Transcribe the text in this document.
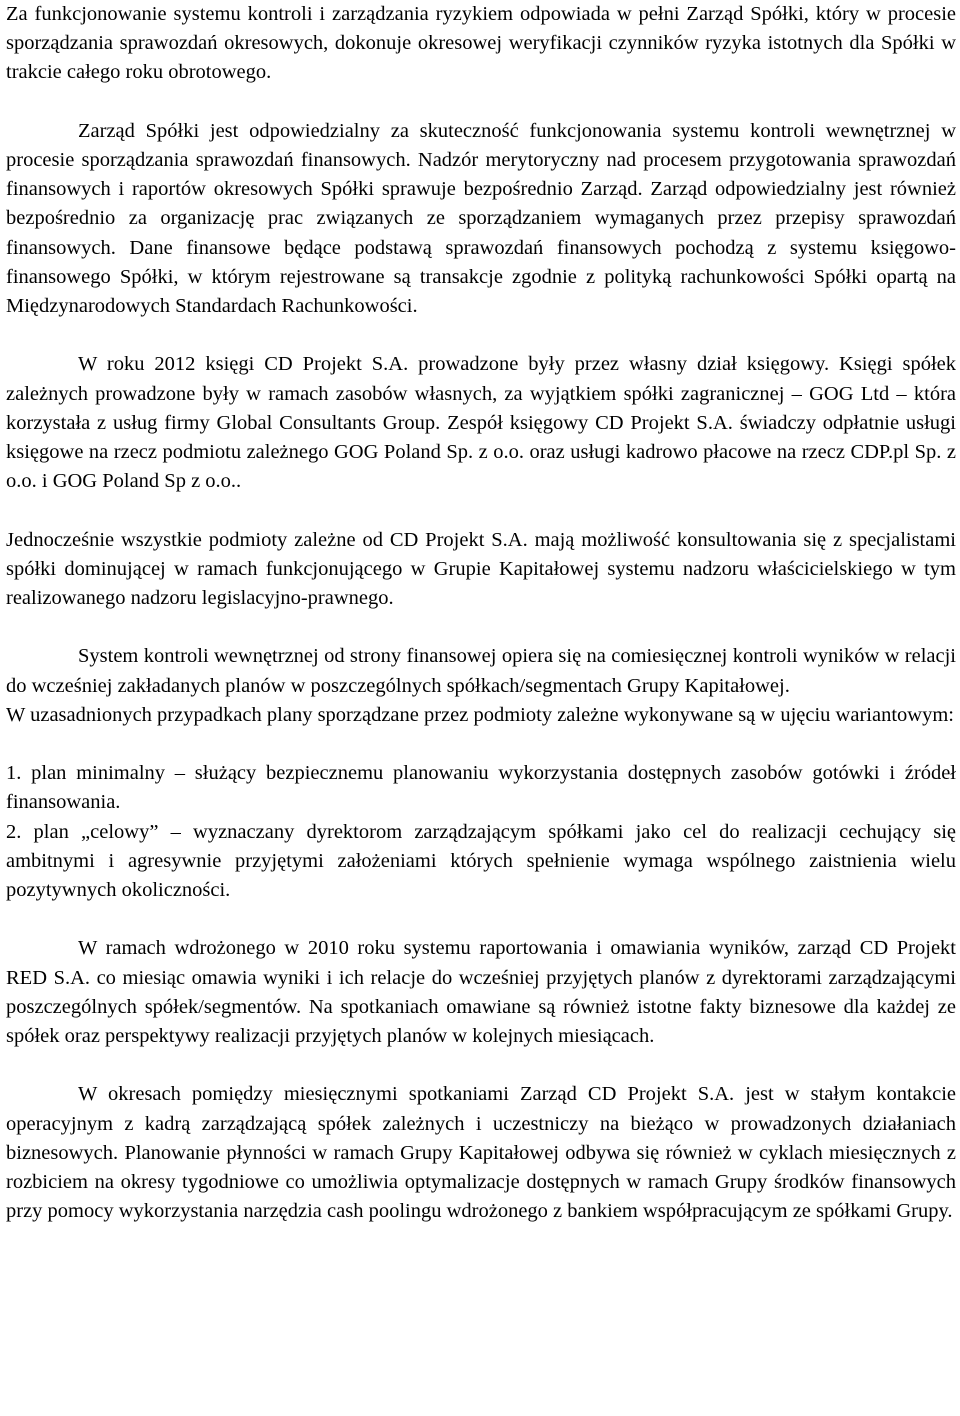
Za funkcjonowanie systemu kontroli i zarządzania ryzykiem odpowiada w pełni Zarząd Spółki, który w procesie sporządzania sprawozdań okresowych, dokonuje okresowej weryfikacji czynników ryzyka istotnych dla Spółki w trakcie całego roku obrotowego.

Zarząd Spółki jest odpowiedzialny za skuteczność funkcjonowania systemu kontroli wewnętrznej w procesie sporządzania sprawozdań finansowych. Nadzór merytoryczny nad procesem przygotowania sprawozdań finansowych i raportów okresowych Spółki sprawuje bezpośrednio Zarząd. Zarząd odpowiedzialny jest również bezpośrednio za organizację prac związanych ze sporządzaniem wymaganych przez przepisy sprawozdań finansowych. Dane finansowe będące podstawą sprawozdań finansowych pochodzą z systemu księgowo-finansowego Spółki, w którym rejestrowane są transakcje zgodnie z polityką rachunkowości Spółki opartą na Międzynarodowych Standardach Rachunkowości.

W roku 2012 księgi CD Projekt S.A. prowadzone były przez własny dział księgowy. Księgi spółek zależnych prowadzone były w ramach zasobów własnych, za wyjątkiem spółki zagranicznej – GOG Ltd – która korzystała z usług firmy Global Consultants Group. Zespół księgowy CD Projekt S.A. świadczy odpłatnie usługi księgowe na rzecz podmiotu zależnego GOG Poland Sp. z o.o. oraz usługi kadrowo płacowe na rzecz CDP.pl Sp. z o.o. i GOG Poland Sp z o.o..

Jednocześnie wszystkie podmioty zależne od CD Projekt S.A. mają możliwość konsultowania się z specjalistami spółki dominującej w ramach funkcjonującego w Grupie Kapitałowej systemu nadzoru właścicielskiego w tym realizowanego nadzoru legislacyjno-prawnego.

System kontroli wewnętrznej od strony finansowej opiera się na comiesięcznej kontroli wyników w relacji do wcześniej zakładanych planów w poszczególnych spółkach/segmentach Grupy Kapitałowej.

W uzasadnionych przypadkach plany sporządzane przez podmioty zależne wykonywane są w ujęciu wariantowym:

1. plan minimalny – służący bezpiecznemu planowaniu wykorzystania dostępnych zasobów gotówki i źródeł finansowania.

2. plan „celowy” – wyznaczany dyrektorom zarządzającym spółkami jako cel do realizacji cechujący się ambitnymi i agresywnie przyjętymi założeniami których spełnienie wymaga wspólnego zaistnienia wielu pozytywnych okoliczności.

W ramach wdrożonego w 2010 roku systemu raportowania i omawiania wyników, zarząd CD Projekt RED S.A. co miesiąc omawia wyniki i ich relacje do wcześniej przyjętych planów z dyrektorami zarządzającymi poszczególnych spółek/segmentów. Na spotkaniach omawiane są również istotne fakty biznesowe dla każdej ze spółek oraz perspektywy realizacji przyjętych planów w kolejnych miesiącach.

W okresach pomiędzy miesięcznymi spotkaniami Zarząd CD Projekt S.A. jest w stałym kontakcie operacyjnym z kadrą zarządzającą spółek zależnych i uczestniczy na bieżąco w prowadzonych działaniach biznesowych. Planowanie płynności w ramach Grupy Kapitałowej odbywa się również w cyklach miesięcznych z rozbiciem na okresy tygodniowe co umożliwia optymalizacje dostępnych w ramach Grupy środków finansowych przy pomocy wykorzystania narzędzia cash poolingu wdrożonego z bankiem współpracującym ze spółkami Grupy.
